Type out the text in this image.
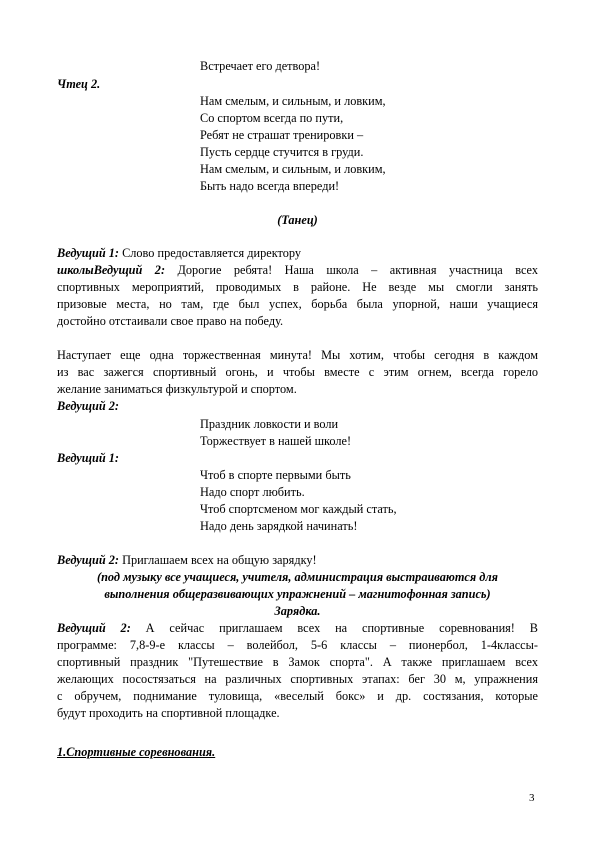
Встречает его детвора!
Чтец 2.
Нам смелым, и сильным, и ловким,
Со спортом всегда по пути,
Ребят не страшат тренировки –
Пусть сердце стучится в груди.
Нам смелым, и сильным, и ловким,
Быть надо всегда впереди!
(Танец)
Ведущий 1: Слово предоставляется директору
школыВедущий 2: Дорогие ребята! Наша школа – активная участница всех
спортивных мероприятий, проводимых в районе. Не везде мы смогли занять
призовые места, но там, где был успех, борьба была упорной, наши учащиеся
достойно отстаивали свое право на победу.
Наступает еще одна торжественная минута! Мы хотим, чтобы сегодня в каждом
из вас зажегся спортивный огонь, и чтобы вместе с этим огнем, всегда горело
желание заниматься физкультурой и спортом.
Ведущий 2:
Праздник ловкости и воли
Торжествует в нашей школе!
Ведущий 1:
Чтоб в спорте первыми быть
Надо спорт любить.
Чтоб спортсменом мог каждый стать,
Надо день зарядкой начинать!
Ведущий 2: Приглашаем всех на общую зарядку!
(под музыку все учащиеся, учителя, администрация выстраиваются для
выполнения общеразвивающих упражнений – магнитофонная запись)
Зарядка.
Ведущий 2: А сейчас приглашаем всех на спортивные соревнования! В
программе: 7,8-9-е классы – волейбол, 5-6 классы – пионербол, 1-4классы-
спортивный праздник "Путешествие в Замок спорта". А также приглашаем всех
желающих посостязаться на различных спортивных этапах: бег 30 м, упражнения
с обручем, поднимание туловища, «веселый бокс» и др. состязания, которые
будут проходить на спортивной площадке.
1.Спортивные соревнования.
3
